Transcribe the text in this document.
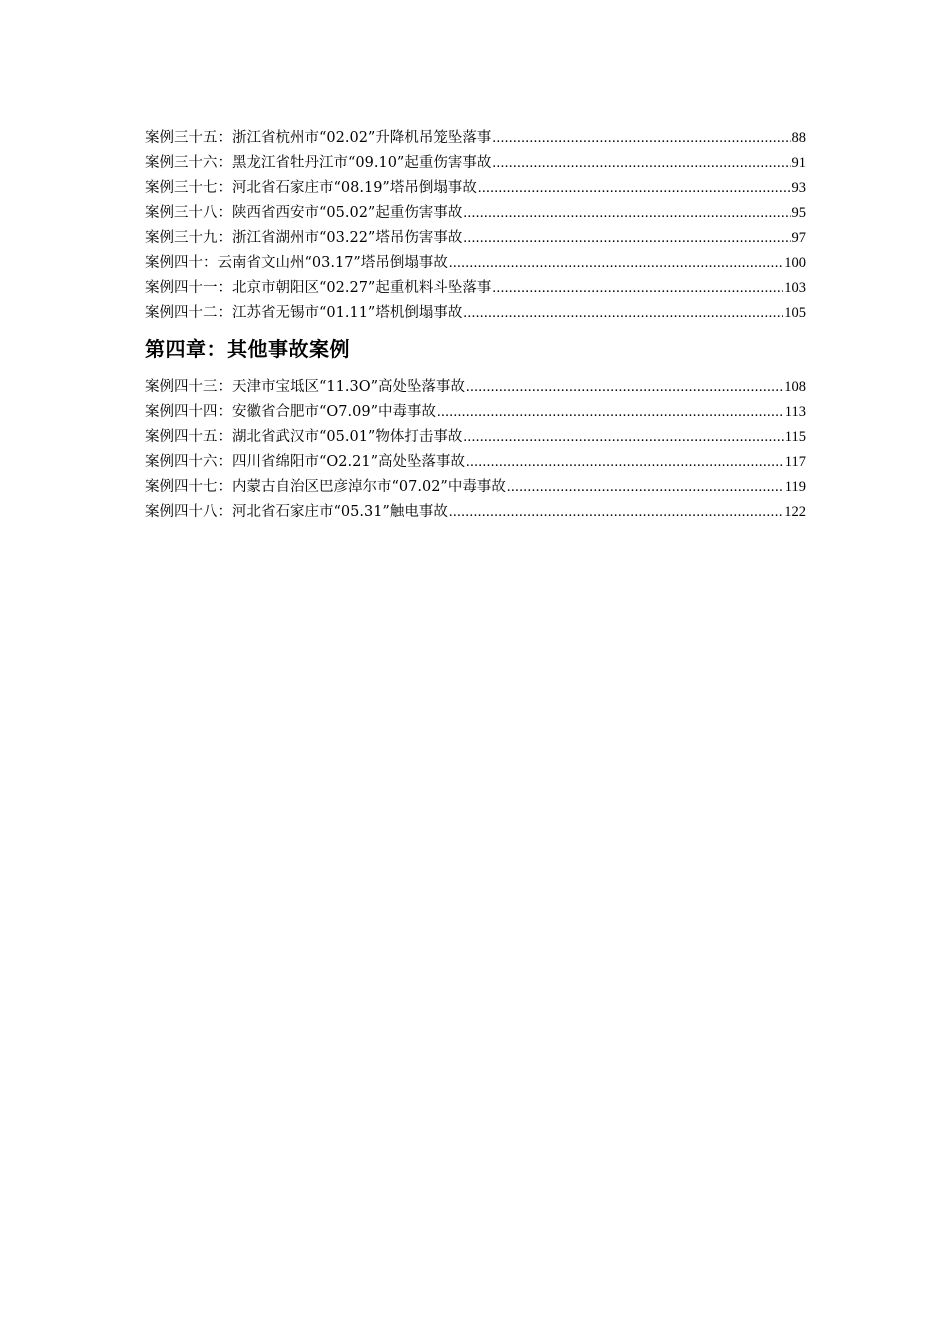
案例三十五：浙江省杭州市“02.02”升降机吊笼坠落事 .....	88
案例三十六：黑龙江省牡丹江市“09.10”起重伤害事故 .....	91
案例三十七：河北省石家庄市“08.19”塔吊倒塌事故 .....	93
案例三十八：陕西省西安市“05.02”起重伤害事故 .....	95
案例三十九：浙江省湖州市“03.22”塔吊伤害事故 .....	97
案例四十：云南省文山州“03.17”塔吊倒塌事故 .....	100
案例四十一：北京市朝阳区“02.27”起重机料斗坠落事 .....	103
案例四十二：江苏省无锡市“01.11”塔机倒塌事故 .....	105
第四章：其他事故案例
案例四十三：天津市宝坻区“11.3O”高处坠落事故 .....	108
案例四十四：安徽省合肥市“O7.09”中毒事故 .....	113
案例四十五：湖北省武汉市“05.01”物体打击事故 .....	115
案例四十六：四川省绵阳市“O2.21”高处坠落事故 .....	117
案例四十七：内蒙古自治区巴彦淖尔市“07.02”中毒事故 .....	119
案例四十八：河北省石家庄市“05.31”触电事故 .....	122
